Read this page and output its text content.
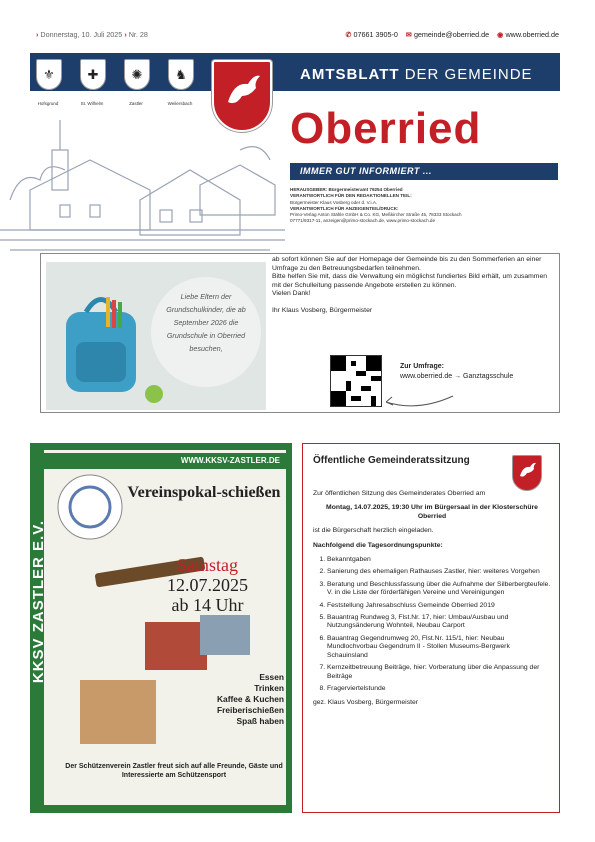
› Donnerstag, 10. Juli 2025 › Nr. 28	✆ 07661 3905-0 ✉ gemeinde@oberried.de ◉ www.oberried.de
⚜	✚	✺	♞	AMTSBLATT DER GEMEINDE
Hofsgrund	St. Wilhelm	Zastler	Weilersbach
Oberried
IMMER GUT INFORMIERT ...
HERAUSGEBER: Bürgermeisteramt 79254 Oberried
VERANTWORTLICH FÜR DEN REDAKTIONELLEN TEIL:
Bürgermeister Klaus Vosberg oder d. V.i.A.
VERANTWORTLICH FÜR ANZEIGENTEIL/DRUCK:
Primo-Verlag Anton Stähle GmbH & Co. KG, Meßkircher Straße 45, 78333 Stockach
07771/9317-11, anzeigen@primo-stockach.de, www.primo-stockach.de
Liebe Eltern der Grundschulkinder, die ab September 2026 die Grundschule in Oberried besuchen,

ab sofort können Sie auf der Homepage der Gemeinde bis zu den Sommerferien an einer Umfrage zu den Betreuungsbedarfen teilnehmen.

Bitte helfen Sie mit, dass die Verwaltung ein möglichst fundiertes Bild erhält, um zusammen mit der Schulleitung passende Angebote erstellen zu können.

Vielen Dank!

Ihr Klaus Vosberg, Bürgermeister

Zur Umfrage:
www.oberried.de → Ganztagsschule
WWW.KKSV-ZASTLER.DE
KKSV ZASTLER E.V.
Vereinspokal-schießen
Samstag
12.07.2025
ab 14 Uhr
Essen
Trinken
Kaffee & Kuchen
Freiberischießen
Spaß haben
Der Schützenverein Zastler freut sich auf alle Freunde, Gäste und Interessierte am Schützensport
Öffentliche Gemeinderatssitzung

Zur öffentlichen Sitzung des Gemeinderates Oberried am

Montag, 14.07.2025, 19:30 Uhr im Bürgersaal in der Klosterschüre Oberried

ist die Bürgerschaft herzlich eingeladen.

Nachfolgend die Tagesordnungspunkte:

1. Bekanntgaben
2. Sanierung des ehemaligen Rathauses Zastler, hier: weiteres Vorgehen
3. Beratung und Beschlussfassung über die Aufnahme der Silberbergteufele. V. in die Liste der förderfähigen Vereine und Vereinigungen
4. Feststellung Jahresabschluss Gemeinde Oberried 2019
5. Bauantrag Rundweg 3, Flst.Nr. 17, hier: Umbau/Ausbau und Nutzungsänderung Wohnteil, Neubau Carport
6. Bauantrag Gegendrumweg 20, Flst.Nr. 115/1, hier: Neubau Mundlochvorbau Gegendrum II - Stollen Museums-Bergwerk Schauinsland
7. Kernzeitbetreuung Beiträge, hier: Vorberatung über die Anpassung der Beiträge
8. Fragerviertelstunde

gez. Klaus Vosberg, Bürgermeister
